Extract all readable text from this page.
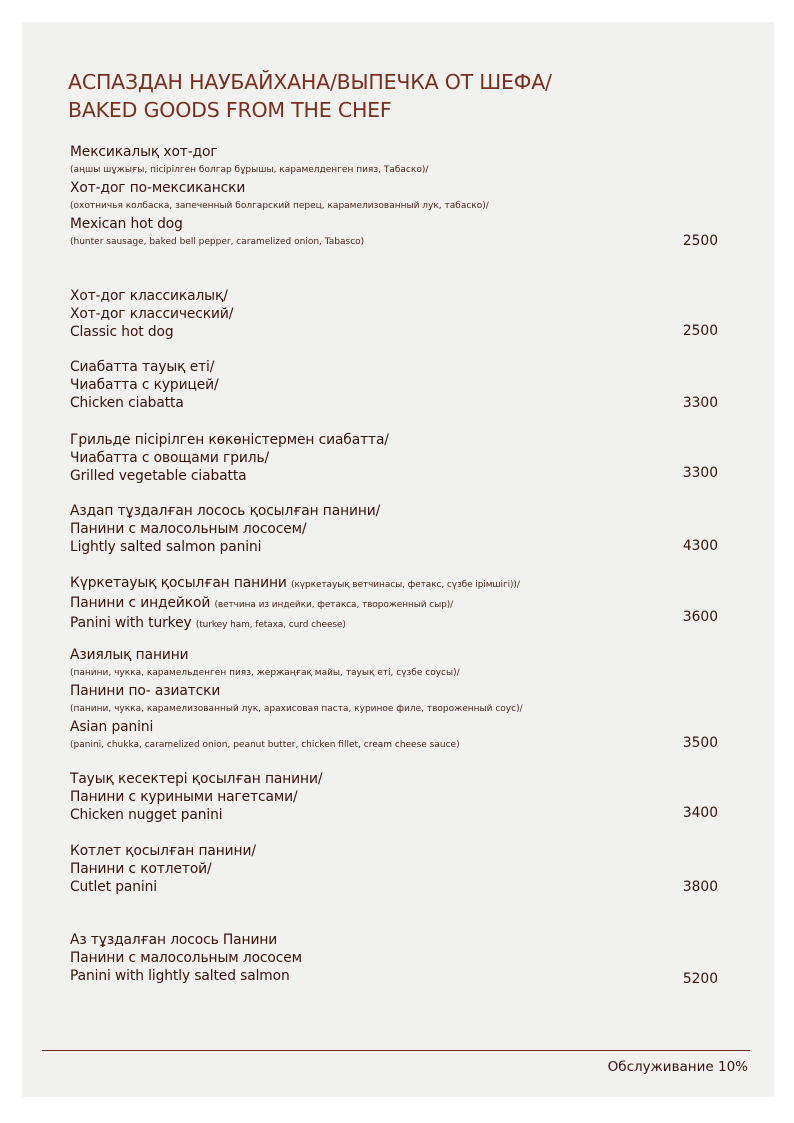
АСПАЗДАН НАУБАЙХАНА/ВЫПЕЧКА ОТ ШЕФА/
BAKED GOODS FROM THE CHEF
Мексикалық хот-дог
(аңшы шұжығы, пісірілген болгар бұрышы, карамелденген пияз, Табаско)/
Хот-дог по-мексикански
(охотничья колбаска, запеченный болгарский перец, карамелизованный лук, табаско)/
Mexican hot dog
(hunter sausage, baked bell pepper, caramelized onion, Tabasco)	2500
Хот-дог классикалық/
Хот-дог классический/
Classic hot dog	2500
Сиабатта тауық еті/
Чиабатта с курицей/
Chicken ciabatta	3300
Грильде пісірілген көкөністермен сиабатта/
Чиабатта с овощами гриль/
Grilled vegetable ciabatta	3300
Аздап тұздалған лосось қосылған панини/
Панини с малосольным лососем/
Lightly salted salmon panini	4300
Күркетауық қосылған панини (күркетауық ветчинасы, фетакс, сүзбе ірімшігі))/
Панини с индейкой (ветчина из индейки, фетакса, твороженный сыр)/
Panini with turkey (turkey ham, fetaxa, curd cheese)	3600
Азиялық панини
(панини, чукка, карамельденген пияз, жержаңғақ майы, тауық еті, сүзбе соусы)/
Панини по- азиатски
(панини, чукка, карамелизованный лук, арахисовая паста, куриное филе, твороженный соус)/
Asian panini
(panini, chukka, caramelized onion, peanut butter, chicken fillet, cream cheese sauce)	3500
Тауық кесектері қосылған панини/
Панини с куриными нагетсами/
Chicken nugget panini	3400
Котлет қосылған панини/
Панини с котлетой/
Cutlet panini	3800
Аз тұздалған лосось Панини
Панини с малосольным лососем
Panini with lightly salted salmon	5200
Обслуживание 10%
